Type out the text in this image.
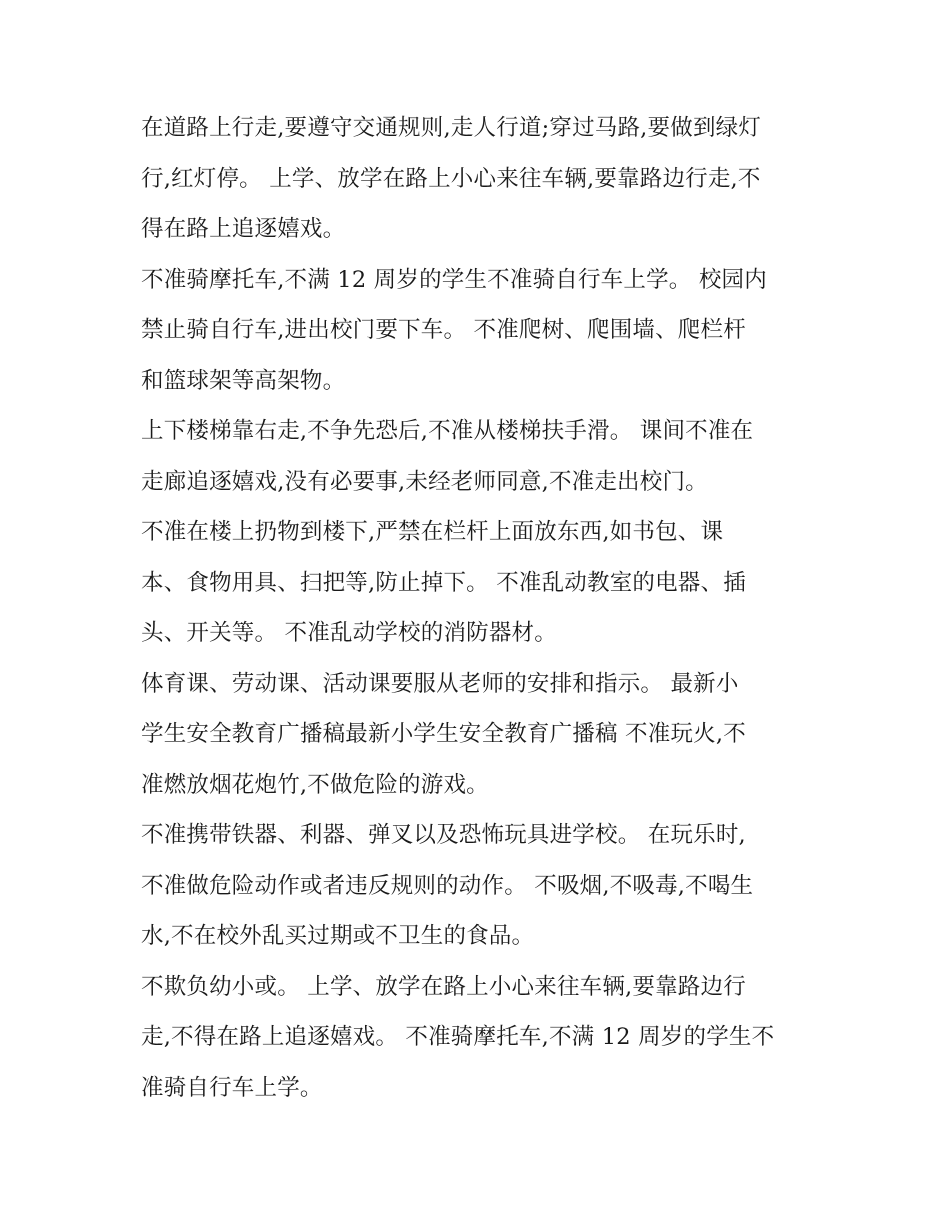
在道路上行走,要遵守交通规则,走人行道;穿过马路,要做到绿灯
行,红灯停。 上学、放学在路上小心来往车辆,要靠路边行走,不
得在路上追逐嬉戏。
不准骑摩托车,不满 12 周岁的学生不准骑自行车上学。 校园内
禁止骑自行车,进出校门要下车。 不准爬树、爬围墙、爬栏杆
和篮球架等高架物。
上下楼梯靠右走,不争先恐后,不准从楼梯扶手滑。 课间不准在
走廊追逐嬉戏,没有必要事,未经老师同意,不准走出校门。
不准在楼上扔物到楼下,严禁在栏杆上面放东西,如书包、课
本、食物用具、扫把等,防止掉下。 不准乱动教室的电器、插
头、开关等。 不准乱动学校的消防器材。
体育课、劳动课、活动课要服从老师的安排和指示。 最新小
学生安全教育广播稿最新小学生安全教育广播稿 不准玩火,不
准燃放烟花炮竹,不做危险的游戏。
不准携带铁器、利器、弹叉以及恐怖玩具进学校。 在玩乐时,
不准做危险动作或者违反规则的动作。 不吸烟,不吸毒,不喝生
水,不在校外乱买过期或不卫生的食品。
不欺负幼小或。 上学、放学在路上小心来往车辆,要靠路边行
走,不得在路上追逐嬉戏。 不准骑摩托车,不满 12 周岁的学生不
准骑自行车上学。
